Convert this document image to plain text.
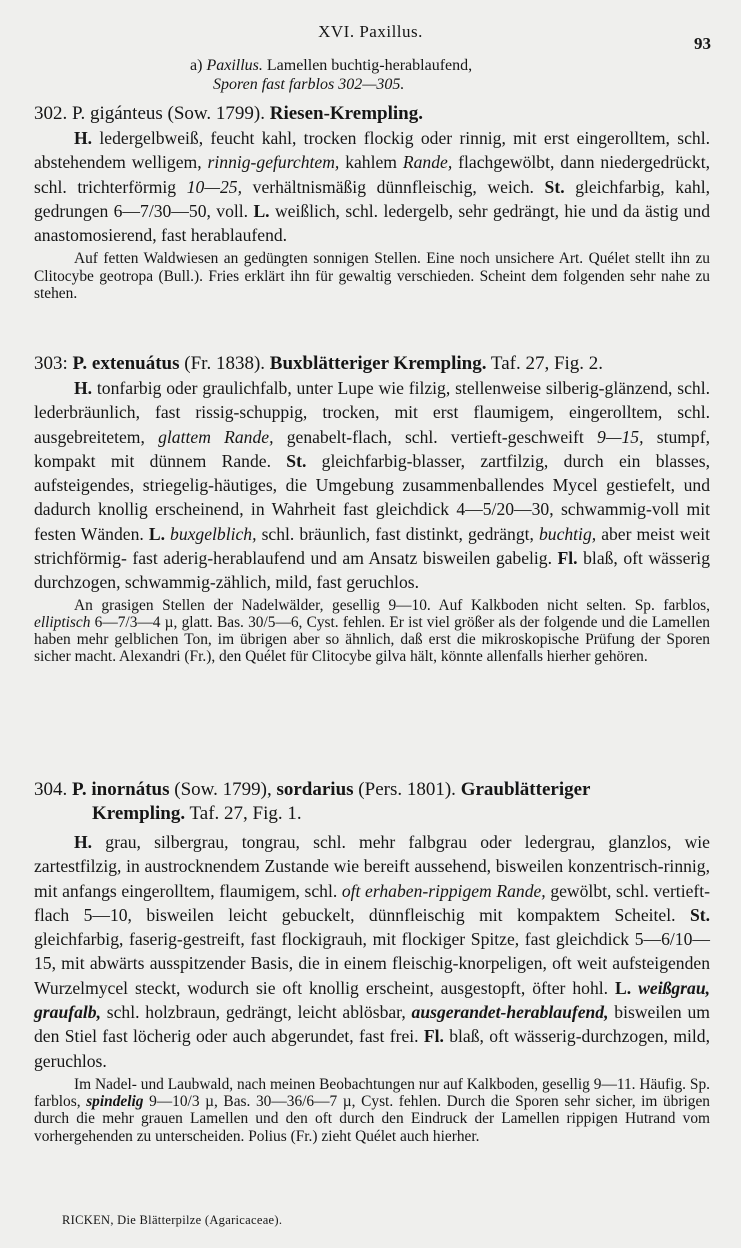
XVI. Paxillus.
93
a) Paxillus. Lamellen buchtig-herablaufend,
Sporen fast farblos 302—305.
302. P. gigánteus (Sow. 1799). Riesen-Krempling.
H. ledergelbweiß, feucht kahl, trocken flockig oder rinnig, mit erst eingerolltem, schl. abstehendem welligem, rinnig-gefurchtem, kahlem Rande, flachgewölbt, dann niedergedrückt, schl. trichterförmig 10—25, verhältnismäßig dünnfleischig, weich. St. gleichfarbig, kahl, gedrungen 6—7/30—50, voll. L. weißlich, schl. ledergelb, sehr gedrängt, hie und da ästig und anastomosierend, fast herablaufend.
Auf fetten Waldwiesen an gedüngten sonnigen Stellen. Eine noch unsichere Art. Quélet stellt ihn zu Clitocybe geotropa (Bull.). Fries erklärt ihn für gewaltig verschieden. Scheint dem folgenden sehr nahe zu stehen.
303: P. extenuátus (Fr. 1838). Buxblätteriger Krempling. Taf. 27, Fig. 2.
H. tonfarbig oder graulichfalb, unter Lupe wie filzig, stellenweise silberig-glänzend, schl. lederbräunlich, fast rissig-schuppig, trocken, mit erst flaumigem, eingerolltem, schl. ausgebreitetem, glattem Rande, genabelt-flach, schl. vertieft-geschweift 9—15, stumpf, kompakt mit dünnem Rande. St. gleichfarbig-blasser, zartfilzig, durch ein blasses, aufsteigendes, striegelig-häutiges, die Umgebung zusammenballendes Mycel gestiefelt, und dadurch knollig erscheinend, in Wahrheit fast gleichdick 4—5/20—30, schwammig-voll mit festen Wänden. L. buxgelblich, schl. bräunlich, fast distinkt, gedrängt, buchtig, aber meist weit strichförmig- fast aderig-herablaufend und am Ansatz bisweilen gabelig. Fl. blaß, oft wässerig durchzogen, schwammig-zählich, mild, fast geruchlos.
An grasigen Stellen der Nadelwälder, gesellig 9—10. Auf Kalkboden nicht selten. Sp. farblos, elliptisch 6—7/3—4 µ, glatt. Bas. 30/5—6, Cyst. fehlen. Er ist viel größer als der folgende und die Lamellen haben mehr gelblichen Ton, im übrigen aber so ähnlich, daß erst die mikroskopische Prüfung der Sporen sicher macht. Alexandri (Fr.), den Quélet für Clitocybe gilva hält, könnte allenfalls hierher gehören.
304. P. inornátus (Sow. 1799), sordarius (Pers. 1801). Graublätteriger
Krempling. Taf. 27, Fig. 1.
H. grau, silbergrau, tongrau, schl. mehr falbgrau oder ledergrau, glanzlos, wie zartestfilzig, in austrocknendem Zustande wie bereift aussehend, bisweilen konzentrisch-rinnig, mit anfangs eingerolltem, flaumigem, schl. oft erhaben-rippigem Rande, gewölbt, schl. vertieft-flach 5—10, bisweilen leicht gebuckelt, dünnfleischig mit kompaktem Scheitel. St. gleichfarbig, faserig-gestreift, fast flockigrauh, mit flockiger Spitze, fast gleichdick 5—6/10—15, mit abwärts ausspitzender Basis, die in einem fleischig-knorpeligen, oft weit aufsteigenden Wurzelmycel steckt, wodurch sie oft knollig erscheint, ausgestopft, öfter hohl. L. weißgrau, graufalb, schl. holzbraun, gedrängt, leicht ablösbar, ausgerandet-herablaufend, bisweilen um den Stiel fast löcherig oder auch abgerundet, fast frei. Fl. blaß, oft wässerig-durchzogen, mild, geruchlos.
Im Nadel- und Laubwald, nach meinen Beobachtungen nur auf Kalkboden, gesellig 9—11. Häufig. Sp. farblos, spindelig 9—10/3 µ, Bas. 30—36/6—7 µ, Cyst. fehlen. Durch die Sporen sehr sicher, im übrigen durch die mehr grauen Lamellen und den oft durch den Eindruck der Lamellen rippigen Hutrand vom vorhergehenden zu unterscheiden. Polius (Fr.) zieht Quélet auch hierher.
RICKEN, Die Blätterpilze (Agaricaceae).
